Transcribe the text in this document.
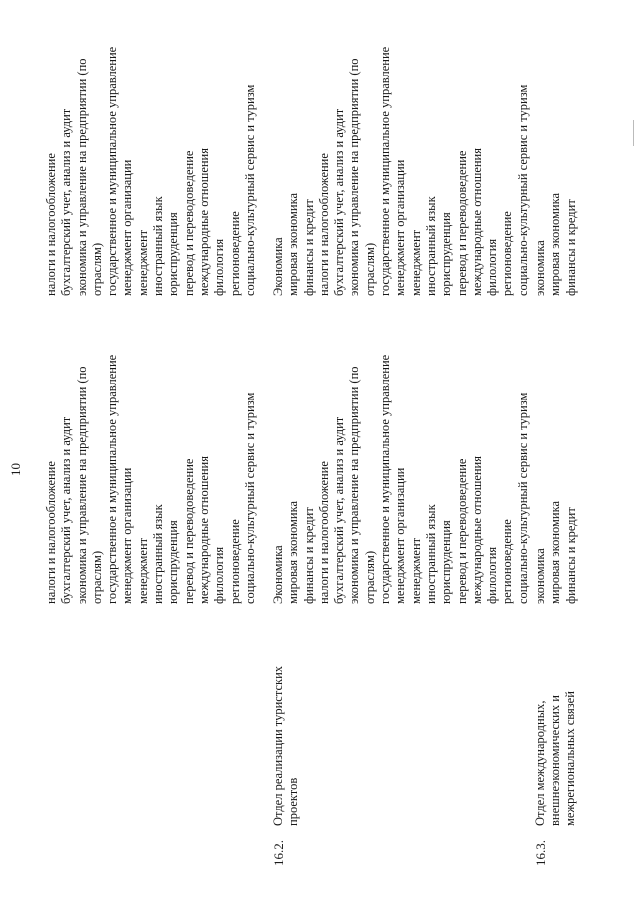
10 налоги и налогообложение бухгалтерский учет, анализ и аудит экономика и управление на предприятии (по отраслям) государственное и муниципальное управление менеджмент организации менеджмент иностранный язык юриспруденция перевод и переводоведение международные отношения филология регионоведение социально-культурный сервис и туризм
налоги и налогообложение бухгалтерский учет, анализ и аудит экономика и управление на предприятии (по отраслям) государственное и муниципальное управление менеджмент организации менеджмент иностранный язык юриспруденция перевод и переводоведение международные отношения филология регионоведение социально-культурный сервис и туризм
16.2.
Отдел реализации туристских проектов
Экономика мировая экономика финансы и кредит налоги и налогообложение бухгалтерский учет, анализ и аудит экономика и управление на предприятии (по отраслям) государственное и муниципальное управление менеджмент организации менеджмент иностранный язык юриспруденция перевод и переводоведение международные отношения филология регионоведение социально-культурный сервис и туризм
Экономика мировая экономика финансы и кредит налоги и налогообложение бухгалтерский учет, анализ и аудит экономика и управление на предприятии (по отраслям) государственное и муниципальное управление менеджмент организации менеджмент иностранный язык юриспруденция перевод и переводоведение международные отношения филология регионоведение социально-культурный сервис и туризм
16.3.
Отдел международных, внешнеэкономических и межрегиональных связей
экономика мировая экономика финансы и кредит
экономика мировая экономика финансы и кредит
